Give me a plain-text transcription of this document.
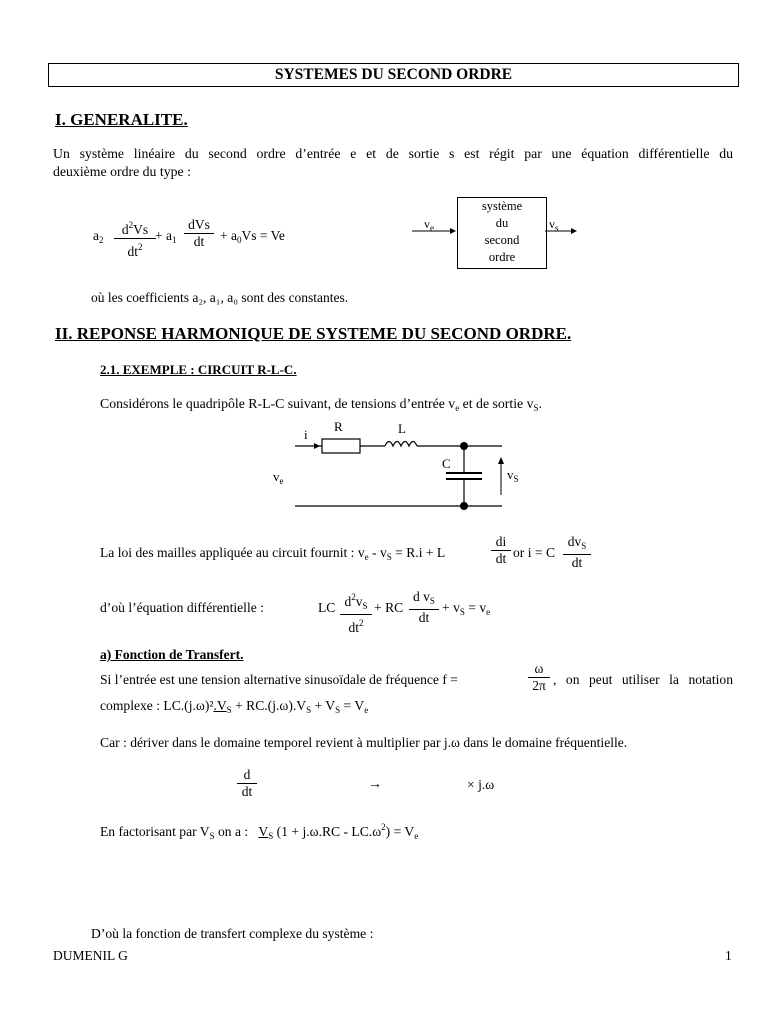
SYSTEMES DU SECOND ORDRE
I. GENERALITE.
Un système linéaire du second ordre d’entrée e et de sortie s est régit par une équation différentielle du
deuxième ordre du type :
$a_2 \frac{d^2Vs}{dt^2} + a_1$
dVs
dt	+ $a_0Vs = Ve$
$v_e$
système
du
second
ordre
$v_s$
où les coefficients a₂, a₁, a₀ sont des constantes.
II. REPONSE HARMONIQUE DE SYSTEME DU SECOND ORDRE.
2.1. EXEMPLE : CIRCUIT R-L-C.
Considérons le quadripôle R-L-C suivant, de tensions d’entrée $v_e$ et de sortie $v_S$.
i
R	L
C
$v_e$	$v_S$
La loi des mailles appliquée au circuit fournit : $v_e - v_S = R.i + L$	$\frac{di}{dt}$ or i = C
$dv_S$
dt
d’où l’équation différentielle :	LC $\frac{d^2v_S}{dt^2}$ + RC $\frac{d v_S}{dt} + v_S = v_e$
a) Fonction de Transfert.
Si l’entrée est une tension alternative sinusoïdale de fréquence f =	$\frac{\omega}{2\pi}$ , on peut utiliser la notation
complexe : $LC.(j.\omega)^2.V_S + RC.(j.\omega).V_S + V_S = V_e$
Car : dériver dans le domaine temporel revient à multiplier par j.ω dans le domaine fréquentielle.
$\frac{d}{dt}$	→	× j.ω
En factorisant par $V_S$ on a : $V_S$ $(1 + j.\omega.RC - LC.\omega^2) = V_e$
D’où la fonction de transfert complexe du système :
DUMENIL G	1
